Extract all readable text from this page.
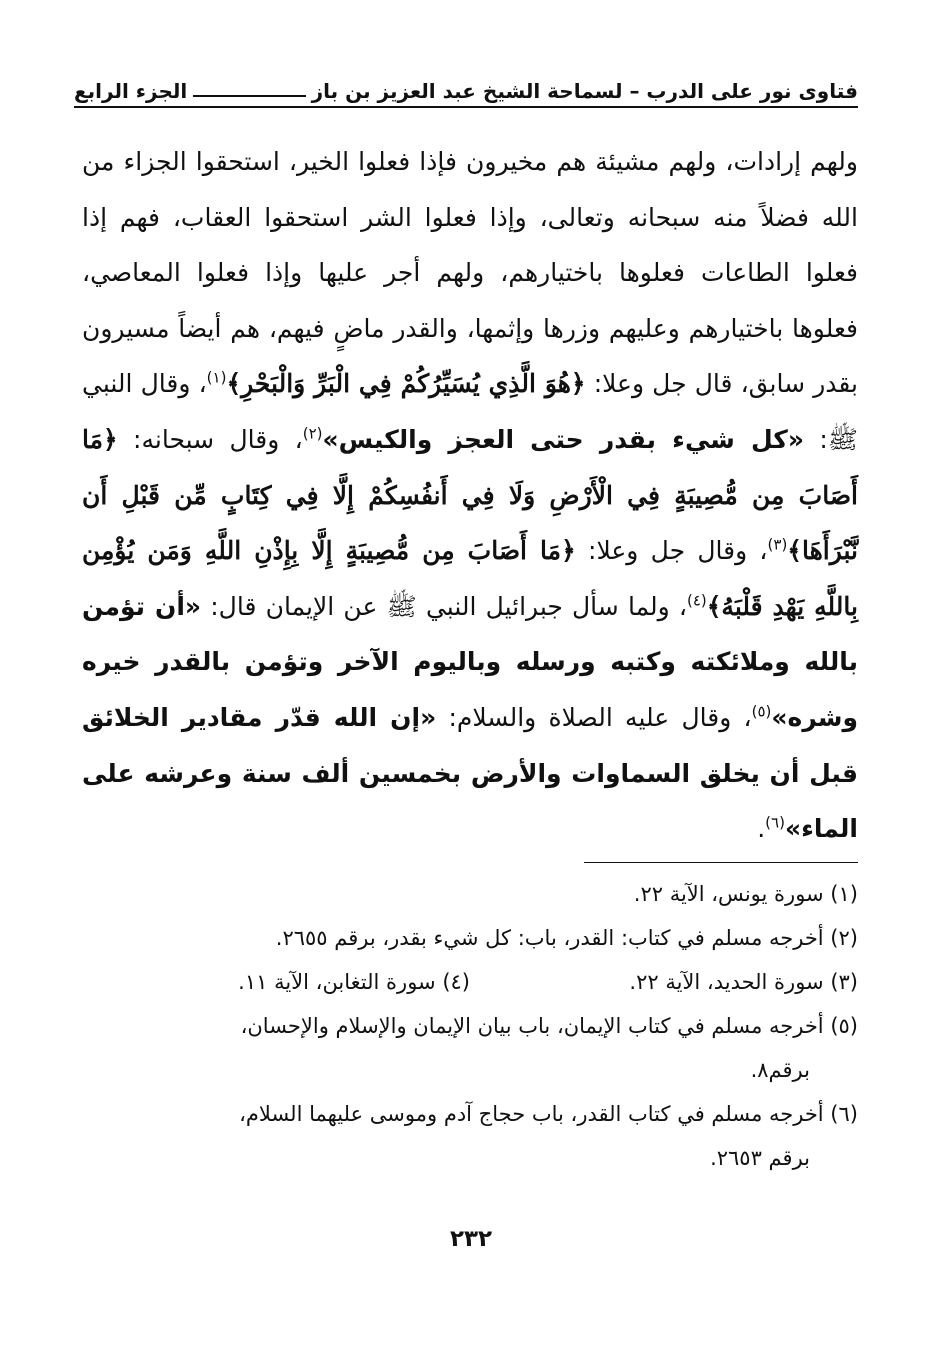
فتاوى نور على الدرب – لسماحة الشيخ عبد العزيز بن باز
الجزء الرابع

ولهم إرادات، ولهم مشيئة هم مخيرون فإذا فعلوا الخير، استحقوا الجزاء من الله فضلاً منه سبحانه وتعالى، وإذا فعلوا الشر استحقوا العقاب، فهم إذا فعلوا الطاعات فعلوها باختيارهم، ولهم أجر عليها وإذا فعلوا المعاصي، فعلوها باختيارهم وعليهم وزرها وإثمها، والقدر ماضٍ فيهم، هم أيضاً مسيرون بقدر سابق، قال جل وعلا: ﴿هُوَ الَّذِي يُسَيِّرُكُمْ فِي الْبَرِّ وَالْبَحْرِ﴾$^{(١)}$، وقال النبي ﷺ: «كل شيء بقدر حتى العجز والكيس»$^{(٢)}$، وقال سبحانه: ﴿مَا أَصَابَ مِن مُّصِيبَةٍ فِي الْأَرْضِ وَلَا فِي أَنفُسِكُمْ إِلَّا فِي كِتَابٍ مِّن قَبْلِ أَن نَّبْرَأَهَا﴾$^{(٣)}$، وقال جل وعلا: ﴿مَا أَصَابَ مِن مُّصِيبَةٍ إِلَّا بِإِذْنِ اللَّهِ وَمَن يُؤْمِن بِاللَّهِ يَهْدِ قَلْبَهُ﴾$^{(٤)}$، ولما سأل جبرائيل النبي ﷺ عن الإيمان قال: «أن تؤمن بالله وملائكته وكتبه ورسله وباليوم الآخر وتؤمن بالقدر خيره وشره»$^{(٥)}$، وقال عليه الصلاة والسلام: «إن الله قدّر مقادير الخلائق قبل أن يخلق السماوات والأرض بخمسين ألف سنة وعرشه على الماء»$^{(٦)}$.

(١) سورة يونس، الآية ٢٢.

(٢) أخرجه مسلم في كتاب: القدر، باب: كل شيء بقدر، برقم ٢٦٥٥.

(٣) سورة الحديد، الآية ٢٢.

(٤) سورة التغابن، الآية ١١.

(٥) أخرجه مسلم في كتاب الإيمان، باب بيان الإيمان والإسلام والإحسان،
برقم٨.

(٦) أخرجه مسلم في كتاب القدر، باب حجاج آدم وموسى عليهما السلام،
برقم ٢٦٥٣.

٢٣٢
